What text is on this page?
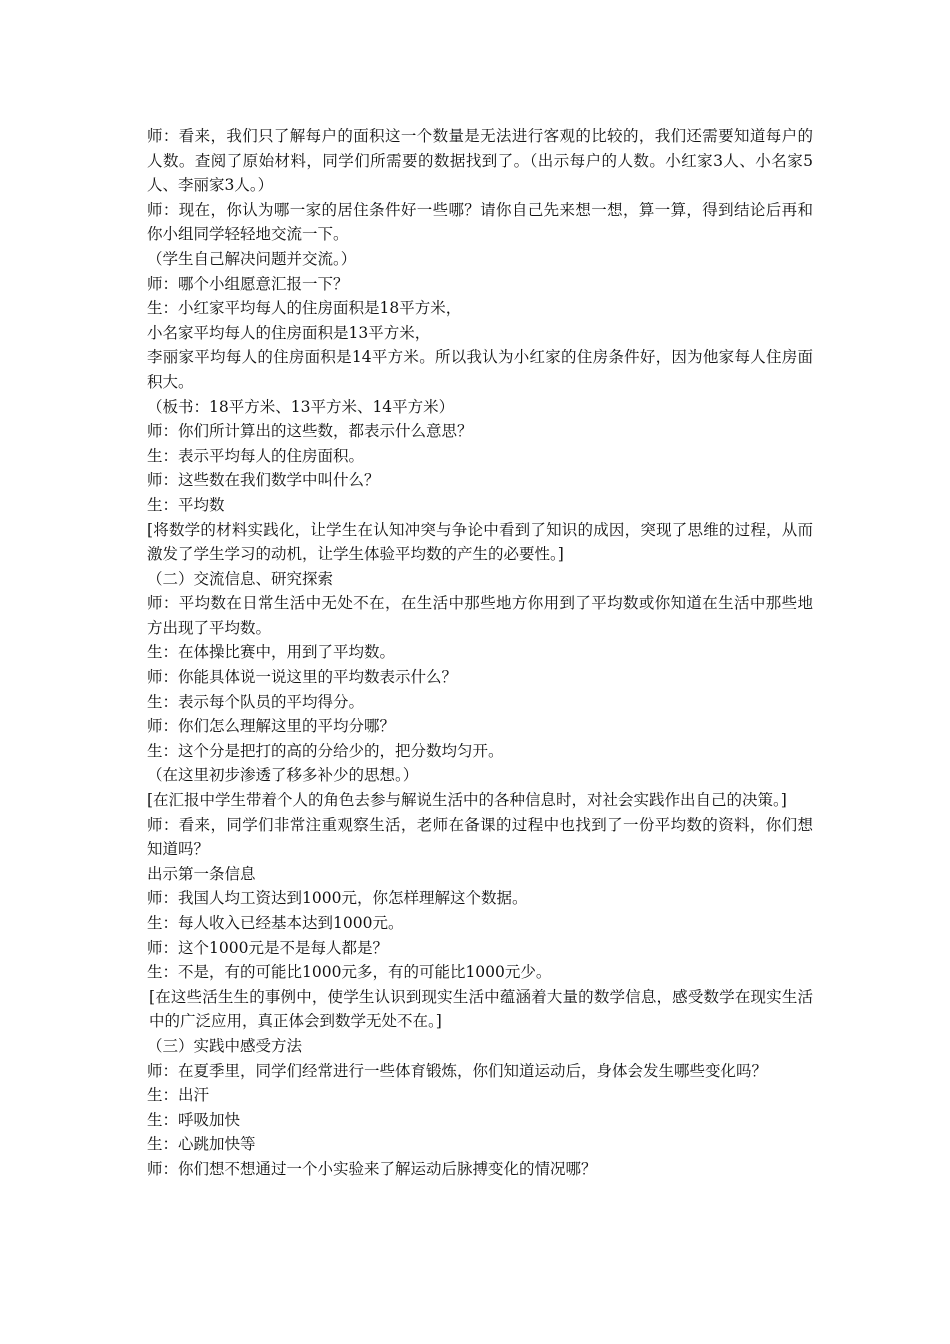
师：看来，我们只了解每户的面积这一个数量是无法进行客观的比较的，我们还需要知道每户的人数。查阅了原始材料，同学们所需要的数据找到了。（出示每户的人数。小红家3人、小名家5人、李丽家3人。）

师：现在，你认为哪一家的居住条件好一些哪？请你自己先来想一想，算一算，得到结论后再和你小组同学轻轻地交流一下。

（学生自己解决问题并交流。）

师：哪个小组愿意汇报一下？

生：小红家平均每人的住房面积是18平方米，

小名家平均每人的住房面积是13平方米，

李丽家平均每人的住房面积是14平方米。所以我认为小红家的住房条件好，因为他家每人住房面积大。

（板书：18平方米、13平方米、14平方米）

师：你们所计算出的这些数，都表示什么意思？

生：表示平均每人的住房面积。

师：这些数在我们数学中叫什么？

生：平均数

[将数学的材料实践化，让学生在认知冲突与争论中看到了知识的成因，突现了思维的过程，从而激发了学生学习的动机，让学生体验平均数的产生的必要性。]

（二）交流信息、研究探索

师：平均数在日常生活中无处不在，在生活中那些地方你用到了平均数或你知道在生活中那些地方出现了平均数。

生：在体操比赛中，用到了平均数。

师：你能具体说一说这里的平均数表示什么？

生：表示每个队员的平均得分。

师：你们怎么理解这里的平均分哪？

生：这个分是把打的高的分给少的，把分数均匀开。

（在这里初步渗透了移多补少的思想。）

[在汇报中学生带着个人的角色去参与解说生活中的各种信息时，对社会实践作出自己的决策。]

师：看来，同学们非常注重观察生活，老师在备课的过程中也找到了一份平均数的资料，你们想知道吗？

出示第一条信息

师：我国人均工资达到1000元，你怎样理解这个数据。

生：每人收入已经基本达到1000元。

师：这个1000元是不是每人都是？

生：不是，有的可能比1000元多，有的可能比1000元少。

[在这些活生生的事例中，使学生认识到现实生活中蕴涵着大量的数学信息，感受数学在现实生活中的广泛应用，真正体会到数学无处不在。]

（三）实践中感受方法

师：在夏季里，同学们经常进行一些体育锻炼，你们知道运动后，身体会发生哪些变化吗？

生：出汗

生：呼吸加快

生：心跳加快等

师：你们想不想通过一个小实验来了解运动后脉搏变化的情况哪？
